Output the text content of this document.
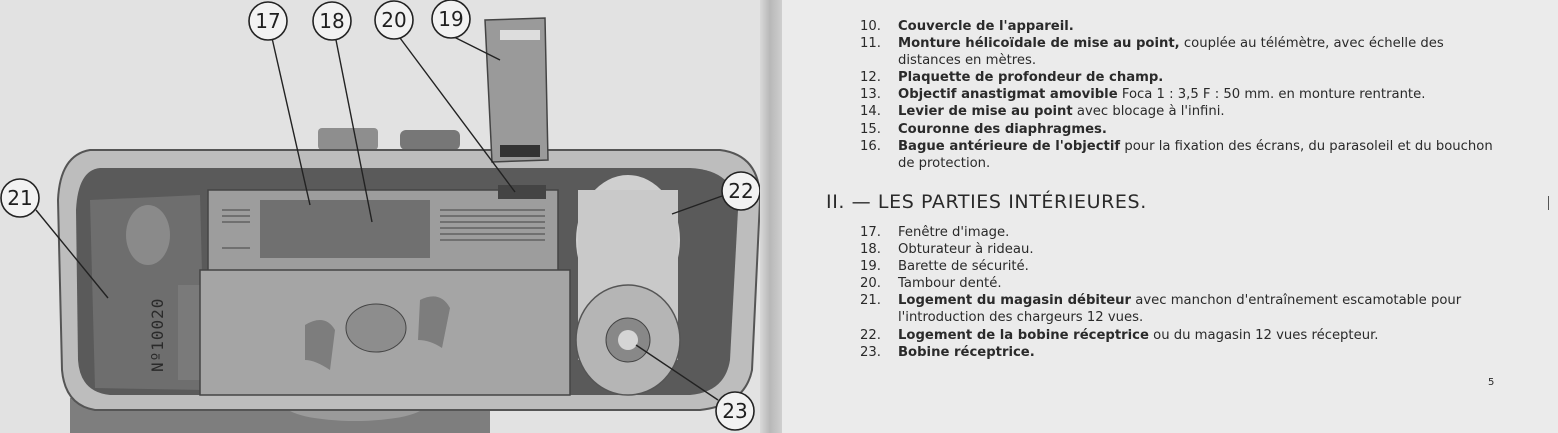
Nº10020
17 18 20 19
21	22
23
10. Couvercle de l'appareil.
11. Monture hélicoïdale de mise au point, couplée au télémètre, avec échelle des distances en mètres.
12. Plaquette de profondeur de champ.
13. Objectif anastigmat amovible Foca 1 : 3,5 F : 50 mm. en monture rentrante.
14. Levier de mise au point avec blocage à l'infini.
15. Couronne des diaphragmes.
16. Bague antérieure de l'objectif pour la fixation des écrans, du parasoleil et du bouchon de protection.
II. — LES PARTIES INTÉRIEURES.
17. Fenêtre d'image.
18. Obturateur à rideau.
19. Barette de sécurité.
20. Tambour denté.
21. Logement du magasin débiteur avec manchon d'entraînement escamotable pour l'introduction des chargeurs 12 vues.
22. Logement de la bobine réceptrice ou du magasin 12 vues récepteur.
23. Bobine réceptrice.
5
